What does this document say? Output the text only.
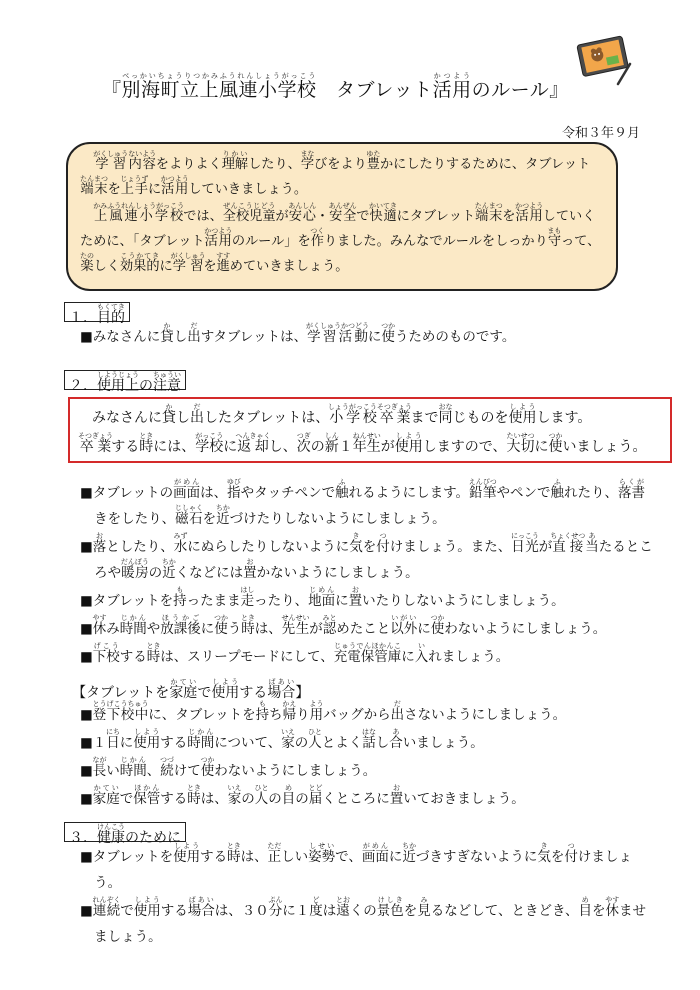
『別海町立上風連小学校べっかいちょうりつかみふうれんしょうがっこう　タブレット活用かつようのルール』
令和３年９月

学習がくしゅう内容ないようをよりよく理解りかいしたり、学まなびをより豊ゆたかにしたりするために、タブレット端末たんまつを上手じょうずに活用かつようしていきましょう。

上風連小学校かみふうれんしょうがっこうでは、全校児童ぜんこうじどうが安心あんしん・安全あんぜんで快適かいてきにタブレット端末たんまつを活用かつようしていくために、「タブレット活用かつようのルール」を作つくりました。みんなでルールをしっかり守まもって、楽たのしく効果的こうかてきに学習がくしゅうを進すすめていきましょう。

１．目的もくてき

■みなさんに貸かし出だすタブレットは、学習活動がくしゅうかつどうに使つかうためのものです。

２．使用上しようじょうの注意ちゅうい

みなさんに貸かし出だしたタブレットは、小学校卒業しょうがっこうそつぎょうまで同おなじものを使用しようします。

卒業そつぎょうする時ときには、学校がっこうに返却へんきゃくし、次つぎの新しん１年生ねんせいが使用しようしますので、大切たいせつに使つかいましょう。

■タブレットの画面がめんは、指ゆびやタッチペンで触ふれるようにします。鉛筆えんぴつやペンで触ふれたり、落書らくがきをしたり、磁石じしゃくを近ちかづけたりしないようにしましょう。

■落おとしたり、水みずにぬらしたりしないように気きを付つけましょう。また、日光にっこうが直接ちょくせつ当あたるところや暖房だんぼうの近ちかくなどには置おかないようにしましょう。

■タブレットを持もったまま走はしったり、地面じめんに置おいたりしないようにしましょう。

■休やすみ時間じかんや放課後ほうかごに使つかう時ときは、先生せんせいが認みとめたこと以外いがいに使つかわないようにしましょう。

■下校げこうする時ときは、スリープモードにして、充電保管庫じゅうでんほかんこに入いれましょう。

【タブレットを家庭かていで使用しようする場合ばあい】

■登下校中とうげこうちゅうに、タブレットを持もち帰かえり用ようバッグから出ださないようにしましょう。

■１日にちに使用しようする時間じかんについて、家いえの人ひととよく話はなし合あいましょう。

■長ながい時間じかん、続つづけて使つかわないようにしましょう。

■家庭かていで保管ほかんする時ときは、家いえの人ひとの目めの届とどくところに置おいておきましょう。

３．健康けんこうのために

■タブレットを使用しようする時ときは、正ただしい姿勢しせいで、画面がめんに近ちかづきすぎないように気きを付つけましょう。

■連続れんぞくで使用しようする場合ばあいは、３０分ぷんに１度どは遠とおくの景色けしきを見みるなどして、ときどき、目めを休やすませましょう。
